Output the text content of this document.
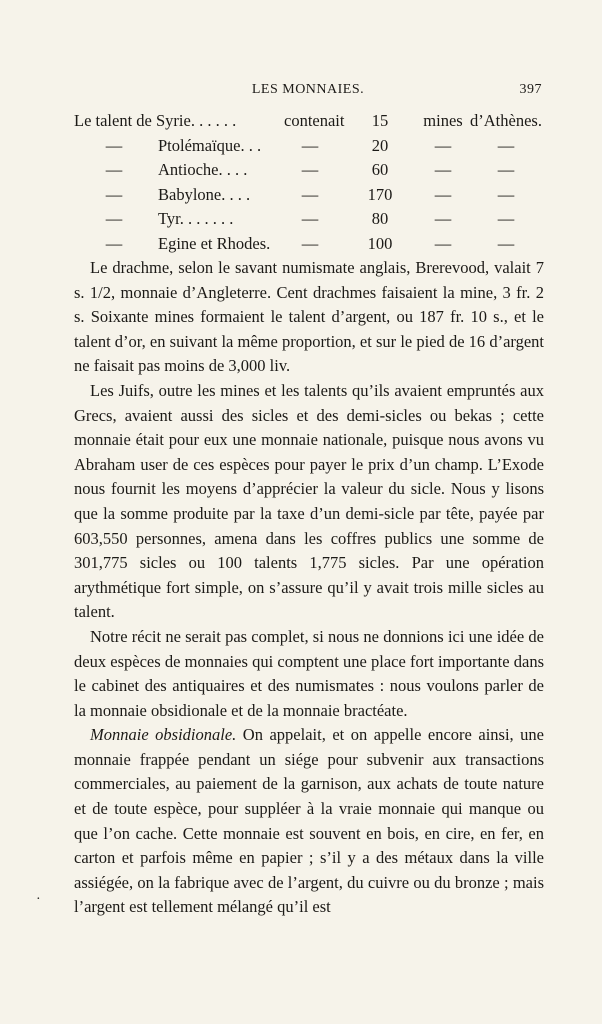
LES MONNAIES.	397
Le talent de Syrie. . . . . .	contenait	15	mines d’Athènes.
— Ptolémaïque. . . —	20	—	—
— Antioche. . . .	—	60	—	—
— Babylone. . . .	—	170	—	—
— Tyr. . . . . . .	—	80	—	—
— Egine et Rhodes. —	100	—	—

Le drachme, selon le savant numismate anglais, Brerevood, valait 7 s. 1/2, monnaie d’Angleterre. Cent drachmes faisaient la mine, 3 fr. 2 s. Soixante mines formaient le talent d’argent, ou 187 fr. 10 s., et le talent d’or, en suivant la même proportion, et sur le pied de 16 d’argent ne faisait pas moins de 3,000 liv.

Les Juifs, outre les mines et les talents qu’ils avaient empruntés aux Grecs, avaient aussi des sicles et des demi-sicles ou bekas ; cette monnaie était pour eux une monnaie nationale, puisque nous avons vu Abraham user de ces espèces pour payer le prix d’un champ. L’Exode nous fournit les moyens d’apprécier la valeur du sicle. Nous y lisons que la somme produite par la taxe d’un demi-sicle par tête, payée par 603,550 personnes, amena dans les coffres publics une somme de 301,775 sicles ou 100 talents 1,775 sicles. Par une opération arythmétique fort simple, on s’assure qu’il y avait trois mille sicles au talent.

Notre récit ne serait pas complet, si nous ne donnions ici une idée de deux espèces de monnaies qui comptent une place fort importante dans le cabinet des antiquaires et des numismates : nous voulons parler de la monnaie obsidionale et de la monnaie bractéate.

Monnaie obsidionale. On appelait, et on appelle encore ainsi, une monnaie frappée pendant un siége pour subvenir aux transactions commerciales, au paiement de la garnison, aux achats de toute nature et de toute espèce, pour suppléer à la vraie monnaie qui manque ou que l’on cache. Cette monnaie est souvent en bois, en cire, en fer, en carton et parfois même en papier ; s’il y a des métaux dans la ville assiégée, on la fabrique avec de l’argent, du cuivre ou du bronze ; mais l’argent est tellement mélangé qu’il est

·
